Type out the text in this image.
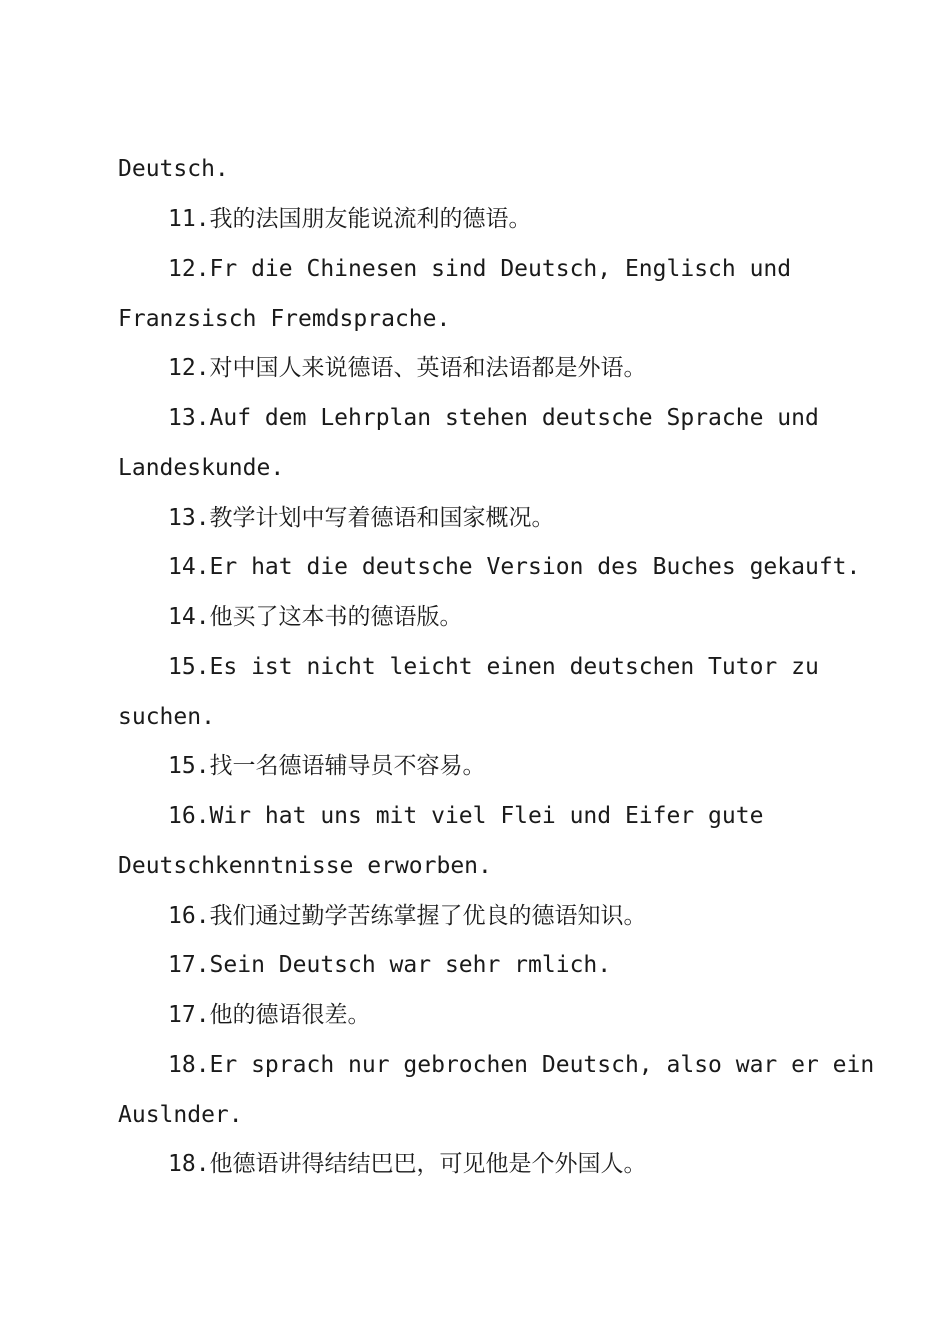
Deutsch.
11.我的法国朋友能说流利的德语。
12.Fr die Chinesen sind Deutsch, Englisch und
Franzsisch Fremdsprache.
12.对中国人来说德语、英语和法语都是外语。
13.Auf dem Lehrplan stehen deutsche Sprache und
Landeskunde.
13.教学计划中写着德语和国家概况。
14.Er hat die deutsche Version des Buches gekauft.
14.他买了这本书的德语版。
15.Es ist nicht leicht einen deutschen Tutor zu
suchen.
15.找一名德语辅导员不容易。
16.Wir hat uns mit viel Flei und Eifer gute
Deutschkenntnisse erworben.
16.我们通过勤学苦练掌握了优良的德语知识。
17.Sein Deutsch war sehr rmlich.
17.他的德语很差。
18.Er sprach nur gebrochen Deutsch, also war er ein
Auslnder.
18.他德语讲得结结巴巴，可见他是个外国人。
